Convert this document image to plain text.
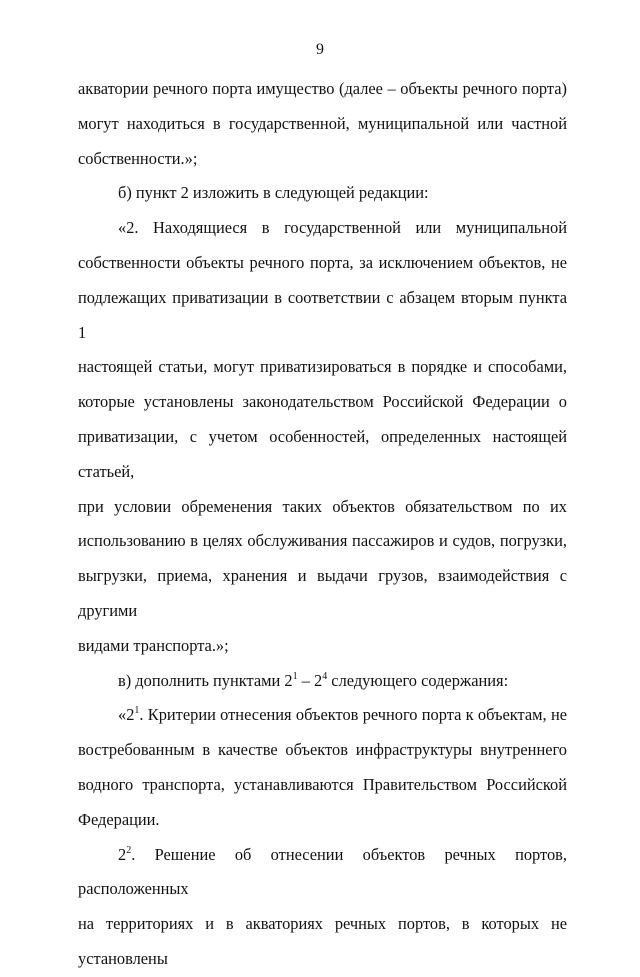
9

акватории речного порта имущество (далее – объекты речного порта)

могут находиться в государственной, муниципальной или частной

собственности.»;

б) пункт 2 изложить в следующей редакции:

«2. Находящиеся в государственной или муниципальной

собственности объекты речного порта, за исключением объектов, не

подлежащих приватизации в соответствии с абзацем вторым пункта 1

настоящей статьи, могут приватизироваться в порядке и способами,

которые установлены законодательством Российской Федерации о

приватизации, с учетом особенностей, определенных настоящей статьей,

при условии обременения таких объектов обязательством по их

использованию в целях обслуживания пассажиров и судов, погрузки,

выгрузки, приема, хранения и выдачи грузов, взаимодействия с другими

видами транспорта.»;

в) дополнить пунктами $2^1 - 2^4$ следующего содержания:

«$2^1$. Критерии отнесения объектов речного порта к объектам, не

востребованным в качестве объектов инфраструктуры внутреннего

водного транспорта, устанавливаются Правительством Российской

Федерации.

$2^2$. Решение об отнесении объектов речных портов, расположенных

на территориях и в акваториях речных портов, в которых не установлены
